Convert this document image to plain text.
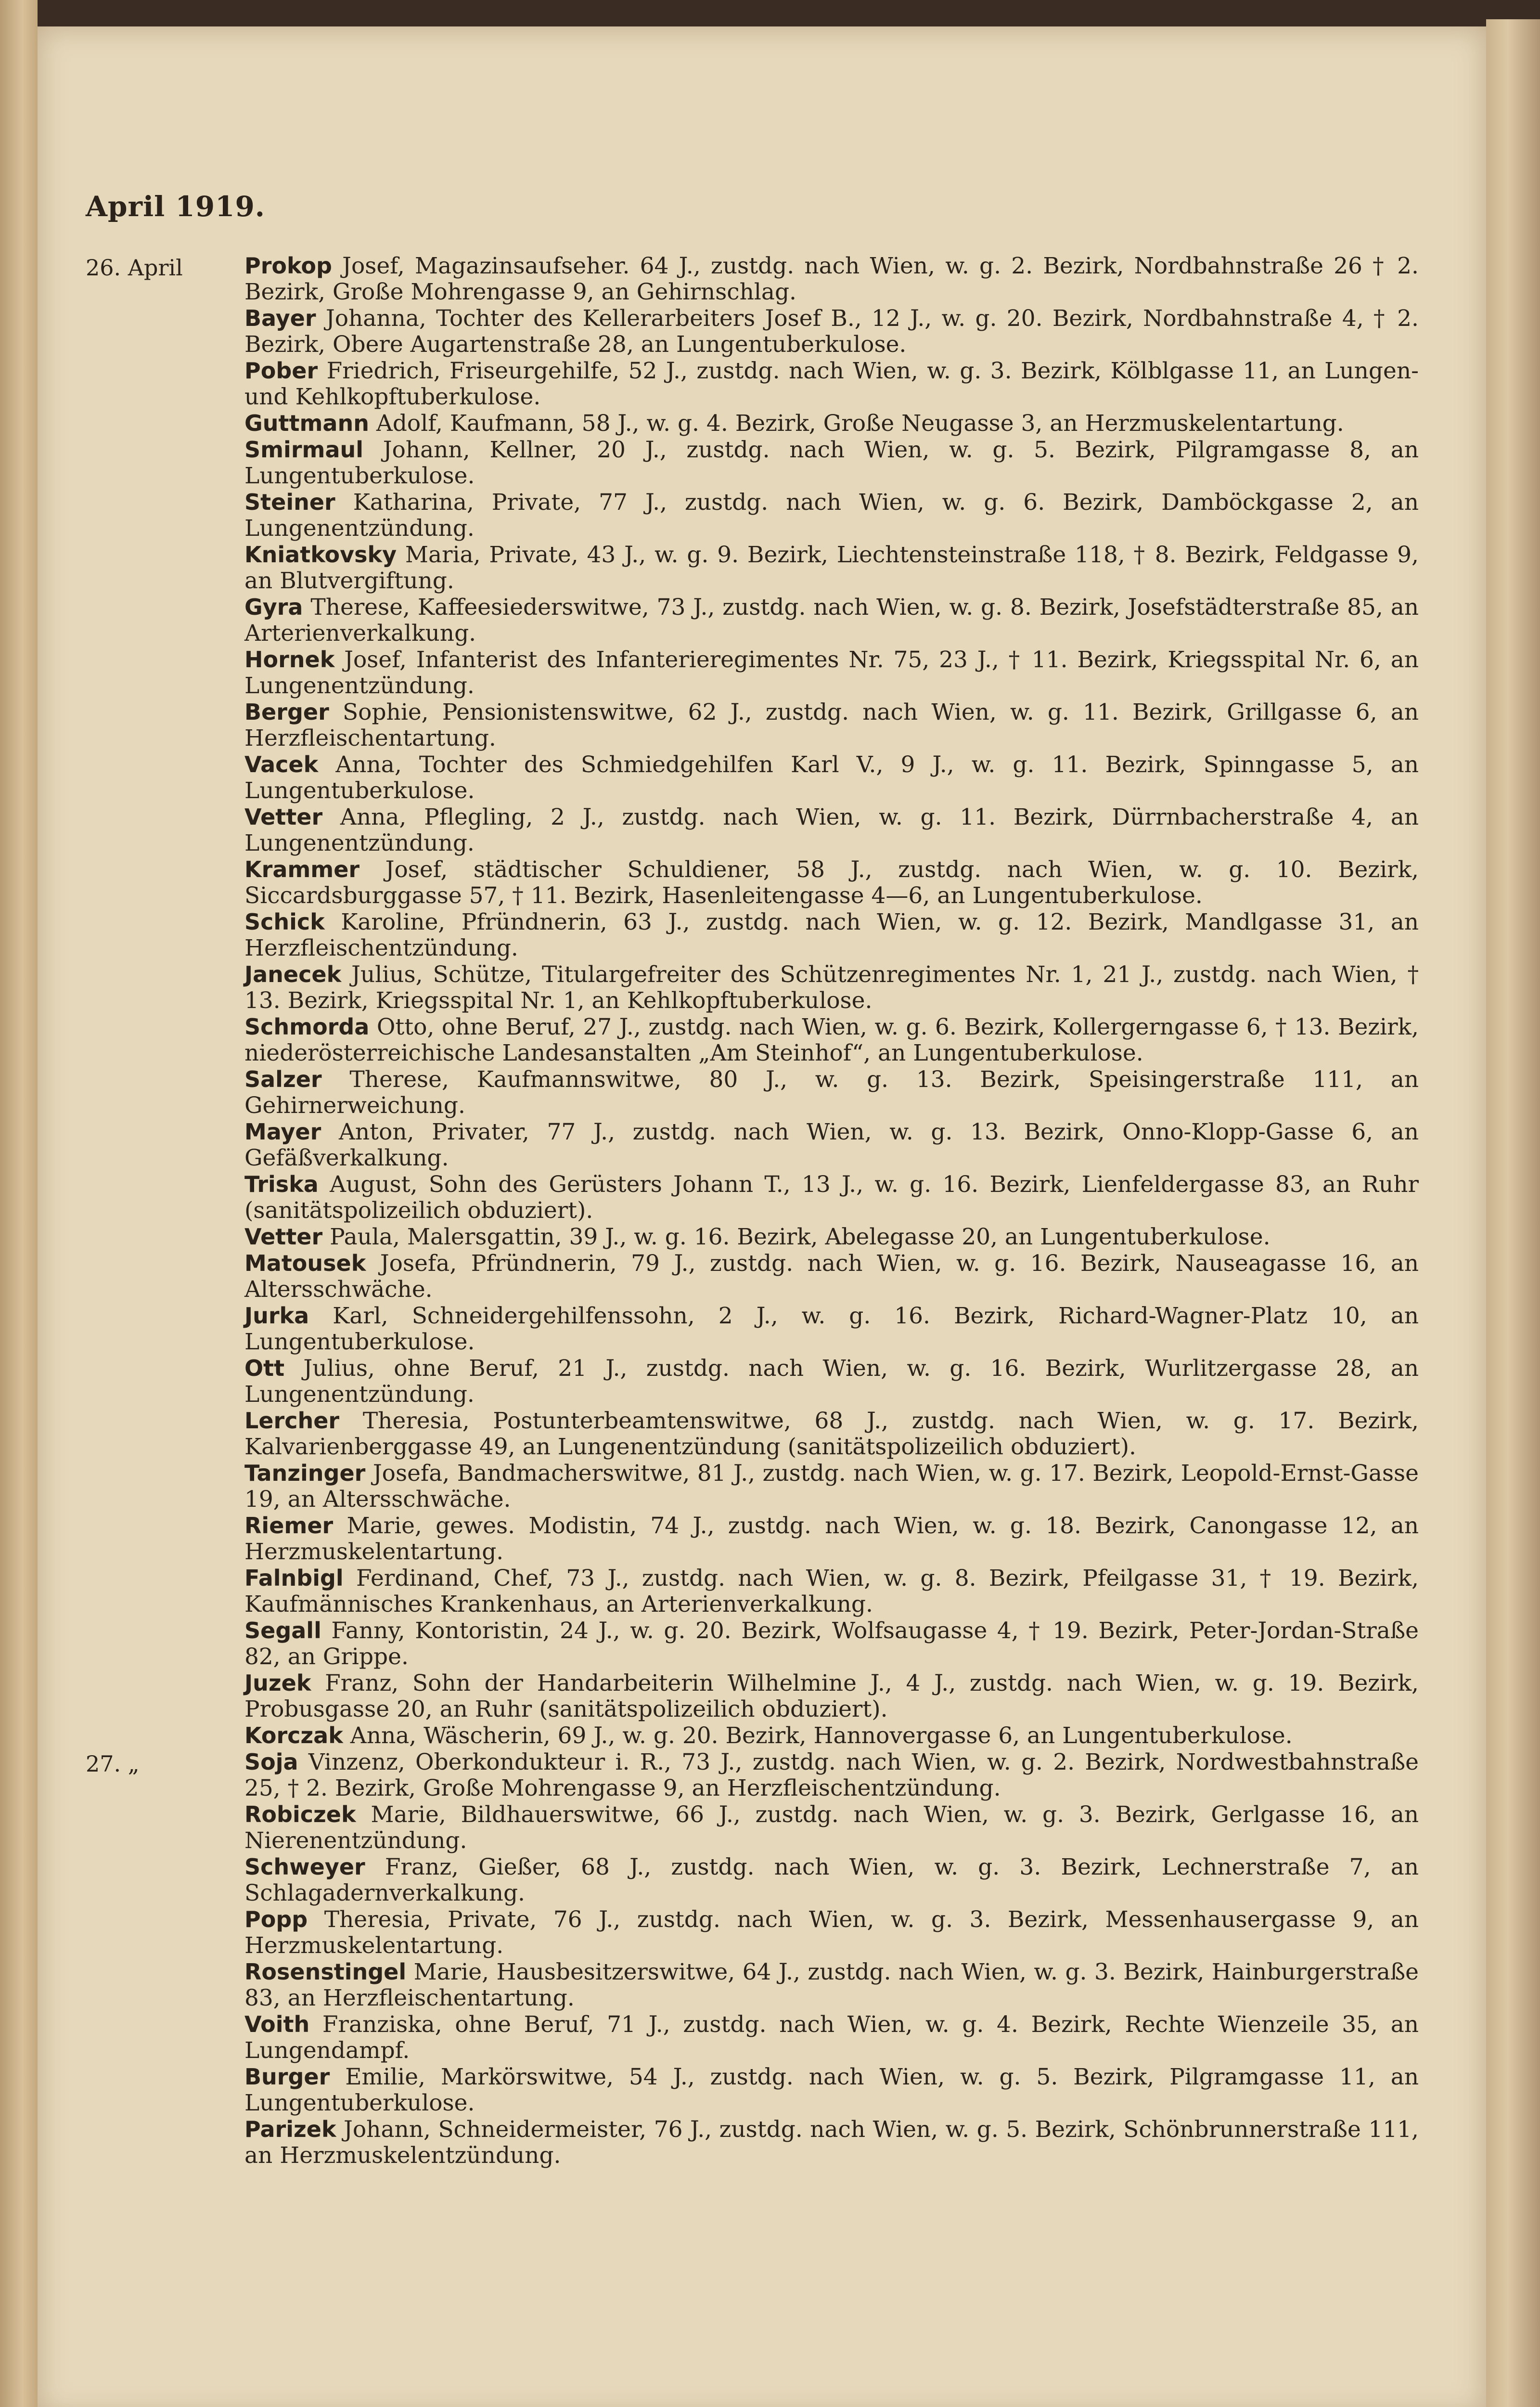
April 1919.
26. April	Prokop Josef, Magazinsaufseher. 64 J., zustdg. nach Wien, w. g. 2. Bezirk, Nordbahnstraße 26 † 2. Bezirk, Große Mohrengasse 9, an Gehirnschlag.
Bayer Johanna, Tochter des Kellerarbeiters Josef B., 12 J., w. g. 20. Bezirk, Nordbahnstraße 4, † 2. Bezirk, Obere Augartenstraße 28, an Lungentuberkulose.
Pober Friedrich, Friseurgehilfe, 52 J., zustdg. nach Wien, w. g. 3. Bezirk, Kölblgasse 11, an Lungen- und Kehlkopftuberkulose.
Guttmann Adolf, Kaufmann, 58 J., w. g. 4. Bezirk, Große Neugasse 3, an Herzmuskelentartung.
Smirmaul Johann, Kellner, 20 J., zustdg. nach Wien, w. g. 5. Bezirk, Pilgramgasse 8, an Lungentuberkulose.
Steiner Katharina, Private, 77 J., zustdg. nach Wien, w. g. 6. Bezirk, Damböckgasse 2, an Lungenentzündung.
Kniatkovsky Maria, Private, 43 J., w. g. 9. Bezirk, Liechtensteinstraße 118, † 8. Bezirk, Feldgasse 9, an Blutvergiftung.
Gyra Therese, Kaffeesiederswitwe, 73 J., zustdg. nach Wien, w. g. 8. Bezirk, Josefstädterstraße 85, an Arterienverkalkung.
Hornek Josef, Infanterist des Infanterieregimentes Nr. 75, 23 J., † 11. Bezirk, Kriegsspital Nr. 6, an Lungenentzündung.
Berger Sophie, Pensionistenswitwe, 62 J., zustdg. nach Wien, w. g. 11. Bezirk, Grillgasse 6, an Herzfleischentartung.
Vacek Anna, Tochter des Schmiedgehilfen Karl V., 9 J., w. g. 11. Bezirk, Spinngasse 5, an Lungentuberkulose.
Vetter Anna, Pflegling, 2 J., zustdg. nach Wien, w. g. 11. Bezirk, Dürrnbacherstraße 4, an Lungenentzündung.
Krammer Josef, städtischer Schuldiener, 58 J., zustdg. nach Wien, w. g. 10. Bezirk, Siccardsburggasse 57, † 11. Bezirk, Hasenleitengasse 4—6, an Lungentuberkulose.
Schick Karoline, Pfründnerin, 63 J., zustdg. nach Wien, w. g. 12. Bezirk, Mandlgasse 31, an Herzfleischentzündung.
Janecek Julius, Schütze, Titulargefreiter des Schützenregimentes Nr. 1, 21 J., zustdg. nach Wien, † 13. Bezirk, Kriegsspital Nr. 1, an Kehlkopftuberkulose.
Schmorda Otto, ohne Beruf, 27 J., zustdg. nach Wien, w. g. 6. Bezirk, Kollergerngasse 6, † 13. Bezirk, niederösterreichische Landesanstalten „Am Steinhof“, an Lungentuberkulose.
Salzer Therese, Kaufmannswitwe, 80 J., w. g. 13. Bezirk, Speisingerstraße 111, an Gehirnerweichung.
Mayer Anton, Privater, 77 J., zustdg. nach Wien, w. g. 13. Bezirk, Onno-Klopp-Gasse 6, an Gefäßverkalkung.
Triska August, Sohn des Gerüsters Johann T., 13 J., w. g. 16. Bezirk, Lienfeldergasse 83, an Ruhr (sanitätspolizeilich obduziert).
Vetter Paula, Malersgattin, 39 J., w. g. 16. Bezirk, Abelegasse 20, an Lungentuberkulose.
Matousek Josefa, Pfründnerin, 79 J., zustdg. nach Wien, w. g. 16. Bezirk, Nauseagasse 16, an Altersschwäche.
Jurka Karl, Schneidergehilfenssohn, 2 J., w. g. 16. Bezirk, Richard-Wagner-Platz 10, an Lungentuberkulose.
Ott Julius, ohne Beruf, 21 J., zustdg. nach Wien, w. g. 16. Bezirk, Wurlitzergasse 28, an Lungenentzündung.
Lercher Theresia, Postunterbeamtenswitwe, 68 J., zustdg. nach Wien, w. g. 17. Bezirk, Kalvarienberggasse 49, an Lungenentzündung (sanitätspolizeilich obduziert).
Tanzinger Josefa, Bandmacherswitwe, 81 J., zustdg. nach Wien, w. g. 17. Bezirk, Leopold-Ernst-Gasse 19, an Altersschwäche.
Riemer Marie, gewes. Modistin, 74 J., zustdg. nach Wien, w. g. 18. Bezirk, Canongasse 12, an Herzmuskelentartung.
Falnbigl Ferdinand, Chef, 73 J., zustdg. nach Wien, w. g. 8. Bezirk, Pfeilgasse 31, † 19. Bezirk, Kaufmännisches Krankenhaus, an Arterienverkalkung.
Segall Fanny, Kontoristin, 24 J., w. g. 20. Bezirk, Wolfsaugasse 4, † 19. Bezirk, Peter-Jordan-Straße 82, an Grippe.
Juzek Franz, Sohn der Handarbeiterin Wilhelmine J., 4 J., zustdg. nach Wien, w. g. 19. Bezirk, Probusgasse 20, an Ruhr (sanitätspolizeilich obduziert).
Korczak Anna, Wäscherin, 69 J., w. g. 20. Bezirk, Hannovergasse 6, an Lungentuberkulose.
27. „	Soja Vinzenz, Oberkondukteur i. R., 73 J., zustdg. nach Wien, w. g. 2. Bezirk, Nordwestbahnstraße 25, † 2. Bezirk, Große Mohrengasse 9, an Herzfleischentzündung.
Robiczek Marie, Bildhauerswitwe, 66 J., zustdg. nach Wien, w. g. 3. Bezirk, Gerlgasse 16, an Nierenentzündung.
Schweyer Franz, Gießer, 68 J., zustdg. nach Wien, w. g. 3. Bezirk, Lechnerstraße 7, an Schlagadernverkalkung.
Popp Theresia, Private, 76 J., zustdg. nach Wien, w. g. 3. Bezirk, Messenhausergasse 9, an Herzmuskelentartung.
Rosenstingel Marie, Hausbesitzerswitwe, 64 J., zustdg. nach Wien, w. g. 3. Bezirk, Hainburgerstraße 83, an Herzfleischentartung.
Voith Franziska, ohne Beruf, 71 J., zustdg. nach Wien, w. g. 4. Bezirk, Rechte Wienzeile 35, an Lungendampf.
Burger Emilie, Markörswitwe, 54 J., zustdg. nach Wien, w. g. 5. Bezirk, Pilgramgasse 11, an Lungentuberkulose.
Parizek Johann, Schneidermeister, 76 J., zustdg. nach Wien, w. g. 5. Bezirk, Schönbrunnerstraße 111, an Herzmuskelentzündung.
